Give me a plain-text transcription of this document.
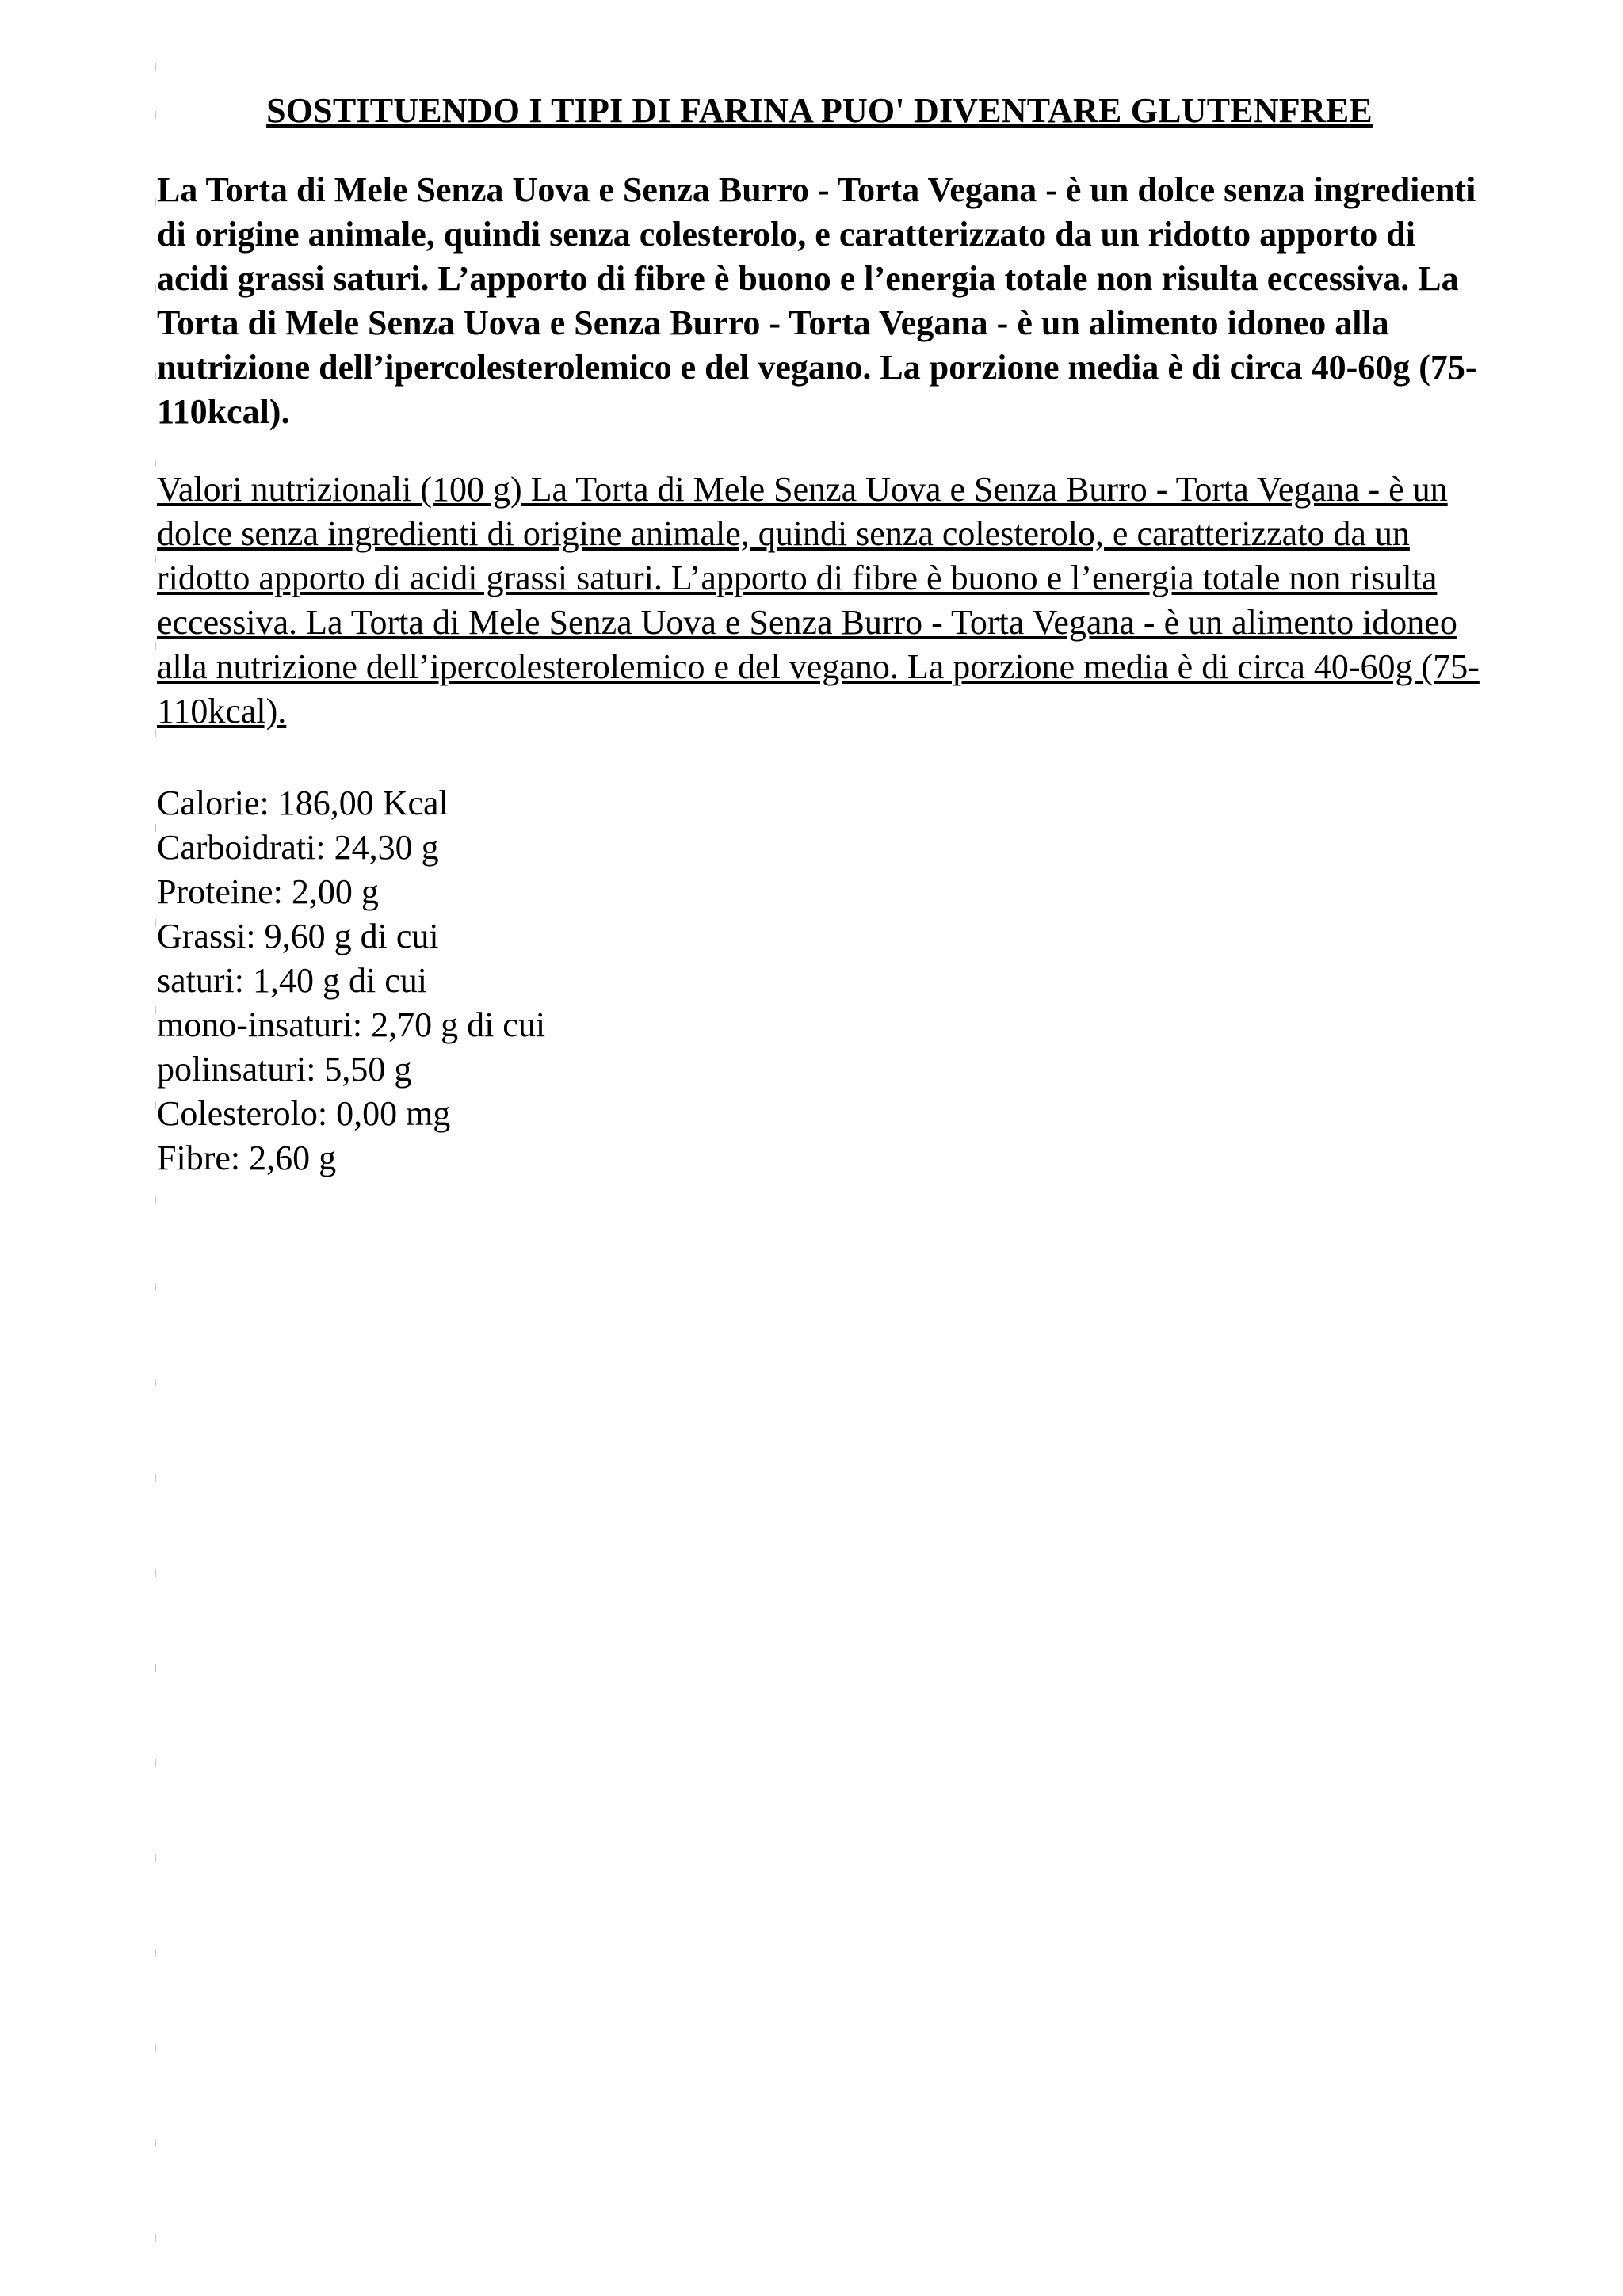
SOSTITUENDO I TIPI DI FARINA PUO' DIVENTARE GLUTENFREE

La Torta di Mele Senza Uova e Senza Burro - Torta Vegana - è un dolce senza ingredienti di origine animale, quindi senza colesterolo, e caratterizzato da un ridotto apporto di acidi grassi saturi. L’apporto di fibre è buono e l’energia totale non risulta eccessiva. La Torta di Mele Senza Uova e Senza Burro - Torta Vegana - è un alimento idoneo alla nutrizione dell’ipercolesterolemico e del vegano. La porzione media è di circa 40-60g (75-110kcal).

Valori nutrizionali (100 g) La Torta di Mele Senza Uova e Senza Burro - Torta Vegana - è un dolce senza ingredienti di origine animale, quindi senza colesterolo, e caratterizzato da un ridotto apporto di acidi grassi saturi. L’apporto di fibre è buono e l’energia totale non risulta eccessiva. La Torta di Mele Senza Uova e Senza Burro - Torta Vegana - è un alimento idoneo alla nutrizione dell’ipercolesterolemico e del vegano. La porzione media è di circa 40-60g (75-110kcal).

Calorie: 186,00 Kcal
Carboidrati: 24,30 g
Proteine: 2,00 g
Grassi: 9,60 g di cui
saturi: 1,40 g di cui
mono-insaturi: 2,70 g di cui
polinsaturi: 5,50 g
Colesterolo: 0,00 mg
Fibre: 2,60 g
